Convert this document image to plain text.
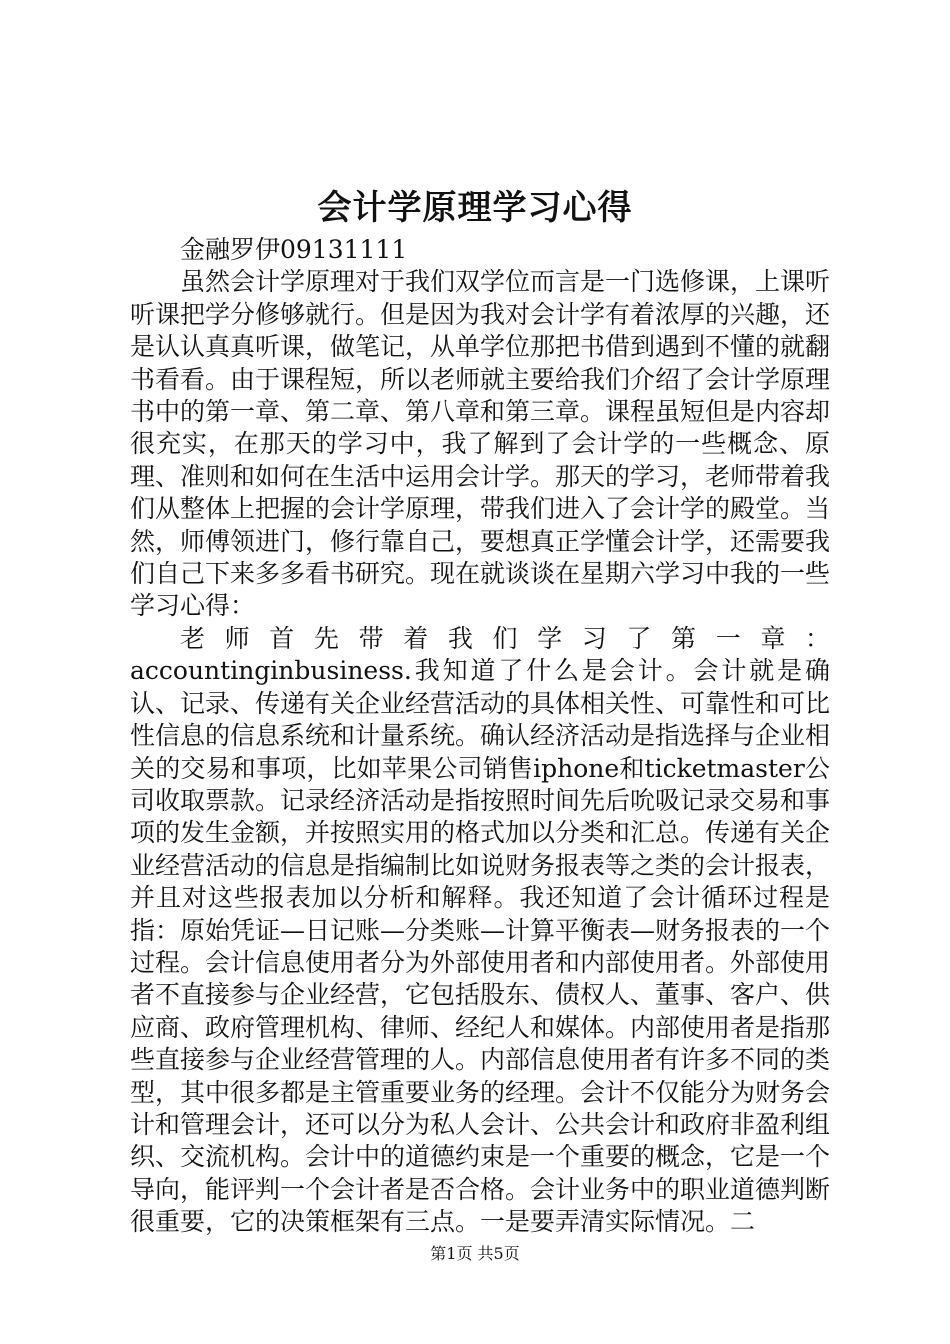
会计学原理学习心得
金融罗伊09131111

虽然会计学原理对于我们双学位而言是一门选修课，上课听听课把学分修够就行。但是因为我对会计学有着浓厚的兴趣，还是认认真真听课，做笔记，从单学位那把书借到遇到不懂的就翻书看看。由于课程短，所以老师就主要给我们介绍了会计学原理书中的第一章、第二章、第八章和第三章。课程虽短但是内容却很充实，在那天的学习中，我了解到了会计学的一些概念、原理、准则和如何在生活中运用会计学。那天的学习，老师带着我们从整体上把握的会计学原理，带我们进入了会计学的殿堂。当然，师傅领进门，修行靠自己，要想真正学懂会计学，还需要我们自己下来多多看书研究。现在就谈谈在星期六学习中我的一些学习心得：

老师首先带着我们学习了第一章：accountinginbusiness.我知道了什么是会计。会计就是确认、记录、传递有关企业经营活动的具体相关性、可靠性和可比性信息的信息系统和计量系统。确认经济活动是指选择与企业相关的交易和事项，比如苹果公司销售iphone和ticketmaster公司收取票款。记录经济活动是指按照时间先后吮吸记录交易和事项的发生金额，并按照实用的格式加以分类和汇总。传递有关企业经营活动的信息是指编制比如说财务报表等之类的会计报表，并且对这些报表加以分析和解释。我还知道了会计循环过程是指：原始凭证—日记账—分类账—计算平衡表—财务报表的一个过程。会计信息使用者分为外部使用者和内部使用者。外部使用者不直接参与企业经营，它包括股东、债权人、董事、客户、供应商、政府管理机构、律师、经纪人和媒体。内部使用者是指那些直接参与企业经营管理的人。内部信息使用者有许多不同的类型，其中很多都是主管重要业务的经理。会计不仅能分为财务会计和管理会计，还可以分为私人会计、公共会计和政府非盈利组织、交流机构。会计中的道德约束是一个重要的概念，它是一个导向，能评判一个会计者是否合格。会计业务中的职业道德判断很重要，它的决策框架有三点。一是要弄清实际情况。二

第1页 共5页
